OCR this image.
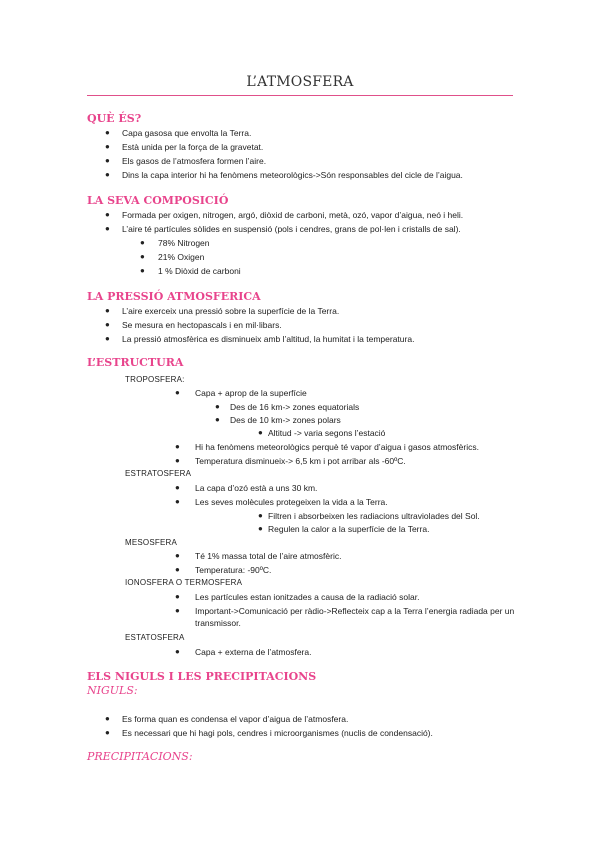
L’ATMOSFERA
QUÈ ÉS?
● Capa gasosa que envolta la Terra.
● Està unida per la força de la gravetat.
● Els gasos de l’atmosfera formen l’aire.
● Dins la capa interior hi ha fenòmens meteorològics->Són responsables del cicle de l’aigua.
LA SEVA COMPOSICIÓ
● Formada per oxigen, nitrogen, argó, diòxid de carboni, metà, ozó, vapor d’aigua, neó i heli.
● L’aire té partícules sòlides en suspensió (pols i cendres, grans de pol·len i cristalls de sal).
● 78% Nitrogen
● 21% Oxigen
● 1 % Diòxid de carboni
LA PRESSIÓ ATMOSFERICA
● L’aire exerceix una pressió sobre la superfície de la Terra.
● Se mesura en hectopascals i en mil·libars.
● La pressió atmosfèrica es disminueix amb l’altitud, la humitat i la temperatura.
L’ESTRUCTURA
TROPOSFERA:
● Capa + aprop de la superfície
● Des de 16 km-> zones equatorials
● Des de 10 km-> zones polars
● Altitud -> varia segons l’estació
● Hi ha fenòmens meteorològics perquè té vapor d’aigua i gasos atmosfèrics.
● Temperatura disminueix-> 6,5 km i pot arribar als -60ºC.
ESTRATOSFERA
● La capa d’ozó està a uns 30 km.
● Les seves molècules protegeixen la vida a la Terra.
● Filtren i absorbeixen les radiacions ultraviolades del Sol.
● Regulen la calor a la superfície de la Terra.
MESOSFERA
● Té 1% massa total de l’aire atmosfèric.
● Temperatura: -90ºC.
IONOSFERA O TERMOSFERA
● Les partícules estan ionitzades a causa de la radiació solar.
● Important->Comunicació per ràdio->Reflecteix cap a la Terra l’energia radiada per un transmissor.
ESTATOSFERA
● Capa + externa de l’atmosfera.
ELS NIGULS I LES PRECIPITACIONS
NIGULS:
● Es forma quan es condensa el vapor d’aigua de l’atmosfera.
● Es necessari que hi hagi pols, cendres i microorganismes (nuclis de condensació).
PRECIPITACIONS:
